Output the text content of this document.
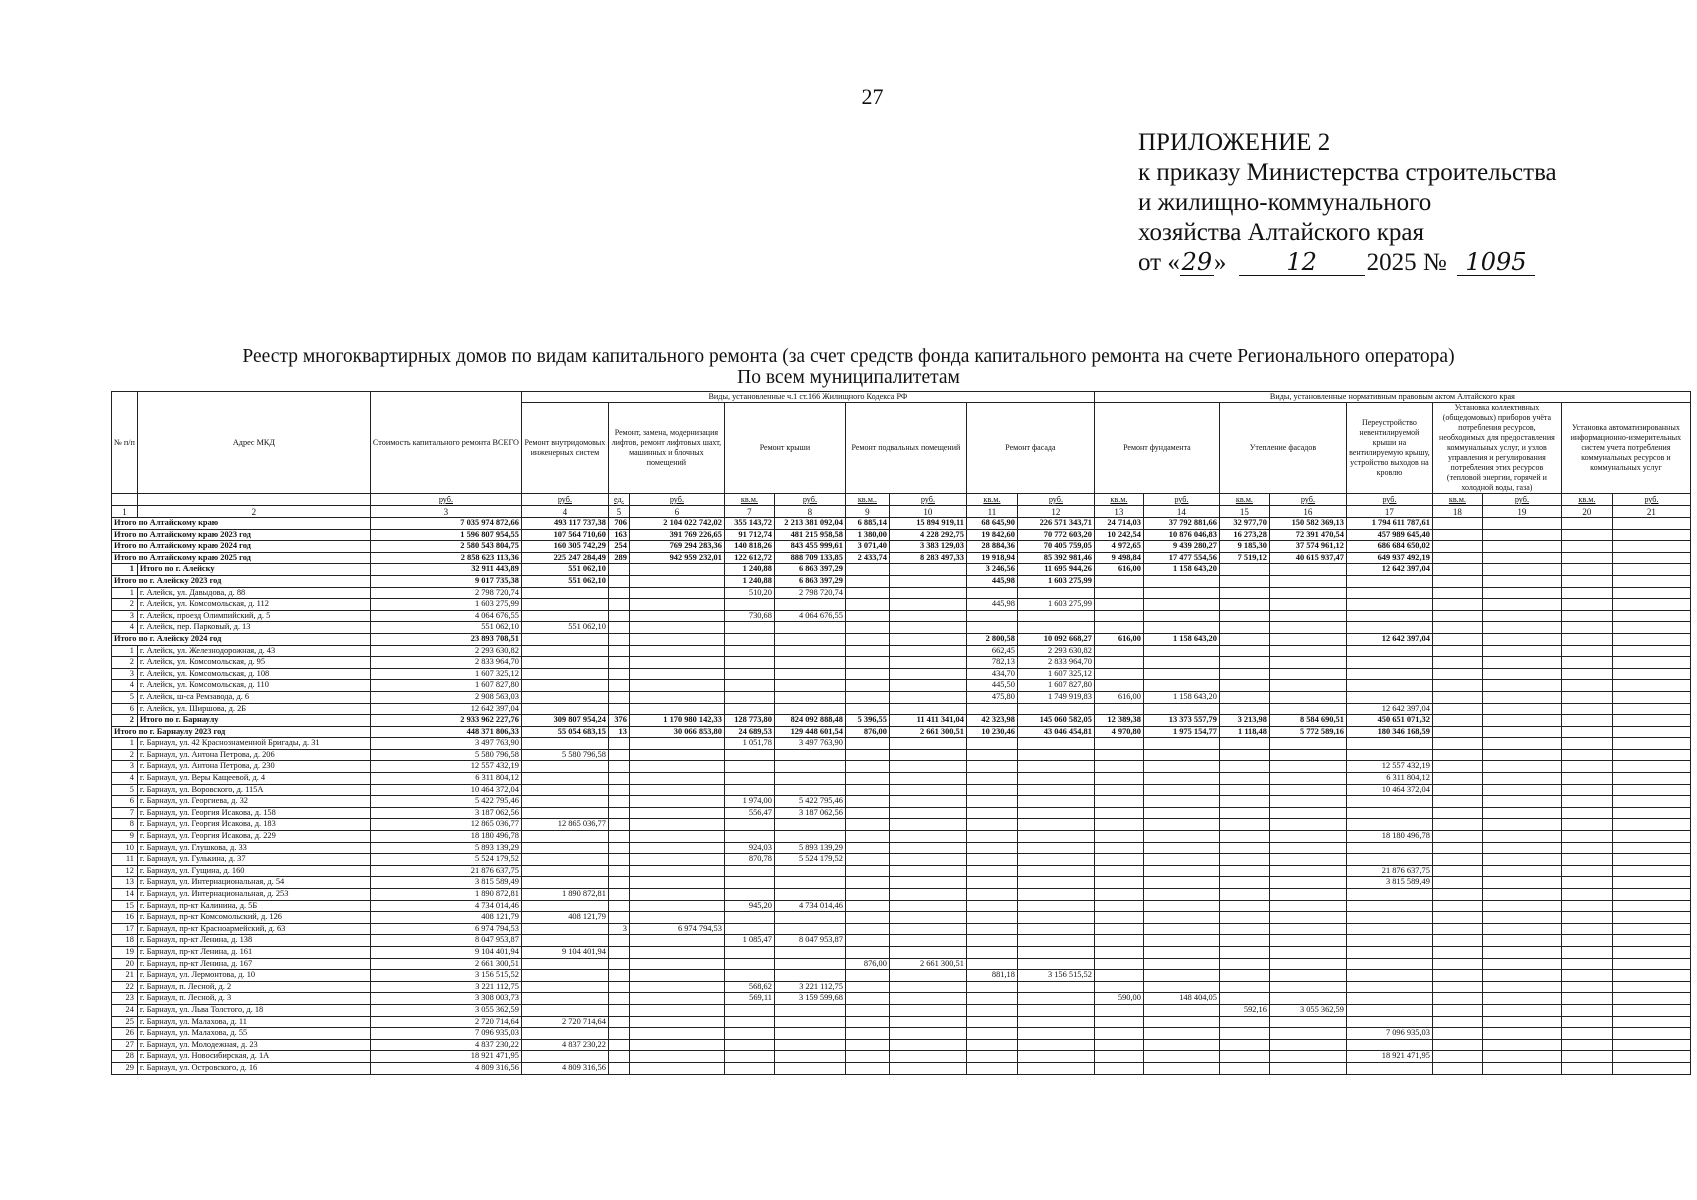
27
ПРИЛОЖЕНИЕ 2
к приказу Министерства строительства
и жилищно-коммунального
хозяйства Алтайского края
от «29» 12 2025 № 1095
Реестр многоквартирных домов по видам капитального ремонта (за счет средств фонда капитального ремонта на счете Регионального оператора)
По всем муниципалитетам
№ п/п	Адрес МКД	Стоимость капитального ремонта ВСЕГО	Виды, установленные ч.1 ст.166 Жилищного Кодекса РФ									Виды, установленные нормативным правовым актом Алтайского края								
			Ремонт внутридомовых инженерных систем	Ремонт, замена, модернизация лифтов, ремонт лифтовых шахт, машинных и блочных помещений		Ремонт крыши		Ремонт подвальных помещений		Ремонт фасада		Ремонт фундамента		Утепление фасадов		Переустройство невентилируемой крыши на вентилируемую крышу, устройство выходов на кровлю	Установка коллективных (общедомовых) приборов учёта потребления ресурсов, необходимых для предоставления коммунальных услуг, и узлов управления и регулирования потребления этих ресурсов (тепловой энергии, горячей и холодной воды, газа)		Установка автоматизированных информационно-измерительных систем учета потребления коммунальных ресурсов и коммунальных услуг	
		руб.	руб.	ед.	руб.	кв.м.	руб.	кв.м..	руб.	кв.м.	руб.	кв.м.	руб.	кв.м.	руб.	руб.	кв.м.	руб.	кв.м.	руб.
1	2	3	4	5	6	7	8	9	10	11	12	13	14	15	16	17	18	19	20	21
Итого по Алтайскому краю		7 035 974 872,66	493 117 737,38	706	2 104 022 742,02	355 143,72	2 213 381 092,04	6 885,14	15 894 919,11	68 645,90	226 571 343,71	24 714,03	37 792 881,66	32 977,70	150 582 369,13	1 794 611 787,61				
Итого по Алтайскому краю 2023 год		1 596 807 954,55	107 564 710,60	163	391 769 226,65	91 712,74	481 215 958,58	1 380,00	4 228 292,75	19 842,60	70 772 603,20	10 242,54	10 876 046,83	16 273,28	72 391 470,54	457 989 645,40				
Итого по Алтайскому краю 2024 год		2 580 543 804,75	160 305 742,29	254	769 294 283,36	140 818,26	843 455 999,61	3 071,40	3 383 129,03	28 884,36	70 405 759,05	4 972,65	9 439 280,27	9 185,30	37 574 961,12	686 684 650,02				
Итого по Алтайскому краю 2025 год		2 858 623 113,36	225 247 284,49	289	942 959 232,01	122 612,72	888 709 133,85	2 433,74	8 283 497,33	19 918,94	85 392 981,46	9 498,84	17 477 554,56	7 519,12	40 615 937,47	649 937 492,19				
1	Итого по г. Алейску	32 911 443,89	551 062,10			1 240,88	6 863 397,29			3 246,56	11 695 944,26	616,00	1 158 643,20			12 642 397,04				
Итого по г. Алейску 2023 год		9 017 735,38	551 062,10			1 240,88	6 863 397,29			445,98	1 603 275,99									
1	г. Алейск, ул. Давыдова, д. 88	2 798 720,74				510,20	2 798 720,74													
2	г. Алейск, ул. Комсомольская, д. 112	1 603 275,99								445,98	1 603 275,99									
3	г. Алейск, проезд Олимпийский, д. 5	4 064 676,55				730,68	4 064 676,55													
4	г. Алейск, пер. Парковый, д. 13	551 062,10	551 062,10																	
Итого по г. Алейску 2024 год		23 893 708,51								2 800,58	10 092 668,27	616,00	1 158 643,20			12 642 397,04				
1	г. Алейск, ул. Железнодорожная, д. 43	2 293 630,82								662,45	2 293 630,82									
2	г. Алейск, ул. Комсомольская, д. 95	2 833 964,70								782,13	2 833 964,70									
3	г. Алейск, ул. Комсомольская, д. 108	1 607 325,12								434,70	1 607 325,12									
4	г. Алейск, ул. Комсомольская, д. 110	1 607 827,80								445,50	1 607 827,80									
5	г. Алейск, ш-са Ремзавода, д. 6	2 908 563,03								475,80	1 749 919,83	616,00	1 158 643,20							
6	г. Алейск, ул. Ширшова, д. 2Б	12 642 397,04														12 642 397,04				
2	Итого по г. Барнаулу	2 933 962 227,76	309 807 954,24	376	1 170 980 142,33	128 773,80	824 092 888,48	5 396,55	11 411 341,04	42 323,98	145 060 582,05	12 389,38	13 373 557,79	3 213,98	8 584 690,51	450 651 071,32				
Итого по г. Барнаулу 2023 год		448 371 806,33	55 054 683,15	13	30 066 853,80	24 689,53	129 448 601,54	876,00	2 661 300,51	10 230,46	43 046 454,81	4 970,80	1 975 154,77	1 118,48	5 772 589,16	180 346 168,59				
1	г. Барнаул, ул. 42 Краснознаменной Бригады, д. 31	3 497 763,90				1 051,78	3 497 763,90													
2	г. Барнаул, ул. Антона Петрова, д. 206	5 580 796,58	5 580 796,58																	
3	г. Барнаул, ул. Антона Петрова, д. 230	12 557 432,19														12 557 432,19				
4	г. Барнаул, ул. Веры Кащеевой, д. 4	6 311 804,12														6 311 804,12				
5	г. Барнаул, ул. Воровского, д. 115А	10 464 372,04														10 464 372,04				
6	г. Барнаул, ул. Георгиева, д. 32	5 422 795,46				1 974,00	5 422 795,46													
7	г. Барнаул, ул. Георгия Исакова, д. 158	3 187 062,56				556,47	3 187 062,56													
8	г. Барнаул, ул. Георгия Исакова, д. 183	12 865 036,77	12 865 036,77																	
9	г. Барнаул, ул. Георгия Исакова, д. 229	18 180 496,78														18 180 496,78				
10	г. Барнаул, ул. Глушкова, д. 33	5 893 139,29				924,03	5 893 139,29													
11	г. Барнаул, ул. Гулькина, д. 37	5 524 179,52				870,78	5 524 179,52													
12	г. Барнаул, ул. Гущина, д. 160	21 876 637,75														21 876 637,75				
13	г. Барнаул, ул. Интернациональная, д. 54	3 815 589,49														3 815 589,49				
14	г. Барнаул, ул. Интернациональная, д. 253	1 890 872,81	1 890 872,81																	
15	г. Барнаул, пр-кт Калинина, д. 5Б	4 734 014,46				945,20	4 734 014,46													
16	г. Барнаул, пр-кт Комсомольский, д. 126	408 121,79	408 121,79																	
17	г. Барнаул, пр-кт Красноармейский, д. 63	6 974 794,53		3	6 974 794,53															
18	г. Барнаул, пр-кт Ленина, д. 138	8 047 953,87				1 085,47	8 047 953,87													
19	г. Барнаул, пр-кт Ленина, д. 161	9 104 401,94	9 104 401,94																	
20	г. Барнаул, пр-кт Ленина, д. 167	2 661 300,51						876,00	2 661 300,51											
21	г. Барнаул, ул. Лермонтова, д. 10	3 156 515,52								881,18	3 156 515,52									
22	г. Барнаул, п. Лесной, д. 2	3 221 112,75				568,62	3 221 112,75													
23	г. Барнаул, п. Лесной, д. 3	3 308 003,73				569,11	3 159 599,68					590,00	148 404,05							
24	г. Барнаул, ул. Льва Толстого, д. 18	3 055 362,59												592,16	3 055 362,59					
25	г. Барнаул, ул. Малахова, д. 11	2 720 714,64	2 720 714,64																	
26	г. Барнаул, ул. Малахова, д. 55	7 096 935,03														7 096 935,03				
27	г. Барнаул, ул. Молодежная, д. 23	4 837 230,22	4 837 230,22																	
28	г. Барнаул, ул. Новосибирская, д. 1А	18 921 471,95														18 921 471,95				
29	г. Барнаул, ул. Островского, д. 16	4 809 316,56	4 809 316,56																	
